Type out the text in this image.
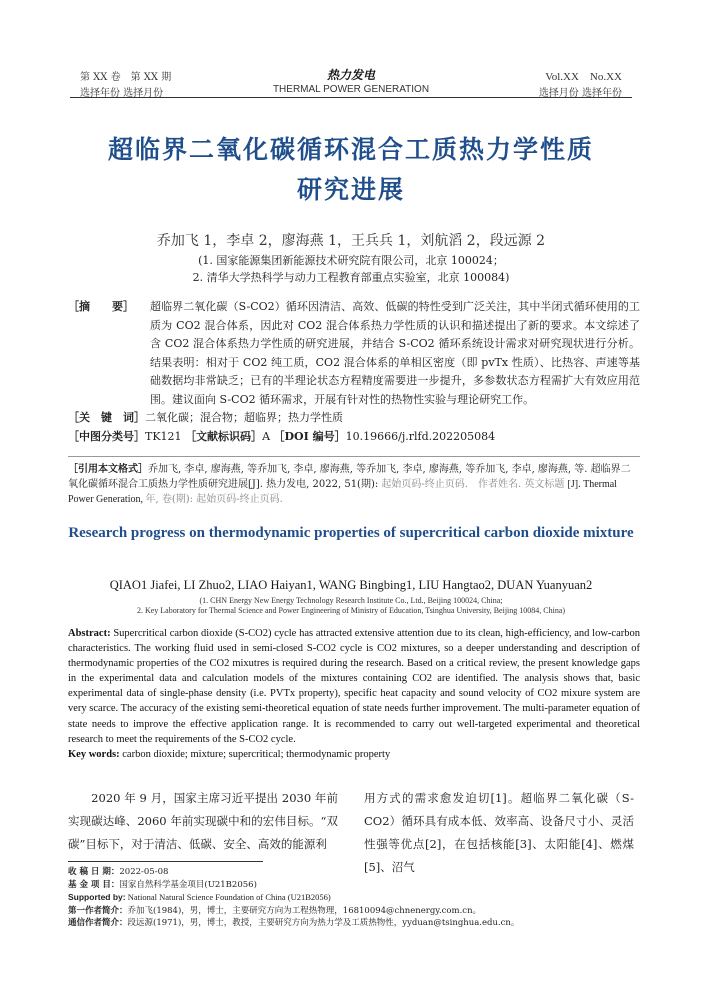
第 XX 卷　第 XX 期
选择年份 选择月份
热力发电
THERMAL POWER GENERATION
Vol.XX　No.XX
选择月份 选择年份
超临界二氧化碳循环混合工质热力学性质
研究进展
乔加飞 1，李卓 2，廖海燕 1，王兵兵 1，刘航滔 2，段远源 2
(1. 国家能源集团新能源技术研究院有限公司，北京 100024；
2. 清华大学热科学与动力工程教育部重点实验室，北京 100084)
［摘　　要］	超临界二氧化碳（S-CO2）循环因清洁、高效、低碳的特性受到广泛关注，其中半闭式循环使用的工质为 CO2 混合体系，因此对 CO2 混合体系热力学性质的认识和描述提出了新的要求。本文综述了含 CO2 混合体系热力学性质的研究进展，并结合 S-CO2 循环系统设计需求对研究现状进行分析。结果表明：相对于 CO2 纯工质，CO2 混合体系的单相区密度（即 pvTx 性质）、比热容、声速等基础数据均非常缺乏；已有的半理论状态方程精度需要进一步提升，多参数状态方程需扩大有效应用范围。建议面向 S-CO2 循环需求，开展有针对性的热物性实验与理论研究工作。
［关　键　词］ 二氧化碳；混合物；超临界；热力学性质
［中图分类号］TK121 ［文献标识码］A ［DOI 编号］10.19666/j.rlfd.202205084
［引用本文格式］乔加飞, 李卓, 廖海燕, 等乔加飞, 李卓, 廖海燕, 等乔加飞, 李卓, 廖海燕, 等乔加飞, 李卓, 廖海燕, 等. 超临界二氧化碳循环混合工质热力学性质研究进展[J]. 热力发电, 2022, 51(期): 起始页码-终止页码.　作者姓名. 英文标题 [J]. Thermal Power Generation, 年, 卷(期): 起始页码-终止页码.
Research progress on thermodynamic properties of supercritical carbon dioxide mixture
QIAO1 Jiafei, LI Zhuo2, LIAO Haiyan1, WANG Bingbing1, LIU Hangtao2, DUAN Yuanyuan2
(1. CHN Energy New Energy Technology Research Institute Co., Ltd., Beijing 100024, China;
2. Key Laboratory for Thermal Science and Power Engineering of Ministry of Education, Tsinghua University, Beijing 10084, China)
Abstract: Supercritical carbon dioxide (S-CO2) cycle has attracted extensive attention due to its clean, high-efficiency, and low-carbon characteristics. The working fluid used in semi-closed S-CO2 cycle is CO2 mixtures, so a deeper understanding and description of thermodynamic properties of the CO2 mixutres is required during the research. Based on a critical review, the present knowledge gaps in the experimental data and calculation models of the mixtures containing CO2 are identified. The analysis shows that, basic experimental data of single-phase density (i.e. PVTx property), specific heat capacity and sound velocity of CO2 mixure system are very scarce. The accuracy of the existing semi-theoretical equation of state needs further improvement. The multi-parameter equation of state needs to improve the effective application range. It is recommended to carry out well-targeted experimental and theoretical research to meet the requirements of the S-CO2 cycle.
Key words: carbon dioxide; mixture; supercritical; thermodynamic property
　　2020 年 9 月，国家主席习近平提出 2030 年前实现碳达峰、2060 年前实现碳中和的宏伟目标。“双碳”目标下，对于清洁、低碳、安全、高效的能源利
用方式的需求愈发迫切[1]。超临界二氧化碳（S-CO2）循环具有成本低、效率高、设备尺寸小、灵活性强等优点[2]，在包括核能[3]、太阳能[4]、燃煤[5]、沼气
收 稿 日 期：2022-05-08
基 金 项 目：国家自然科学基金项目(U21B2056)
Supported by: National Natural Science Foundation of China (U21B2056)
第一作者简介：乔加飞(1984)，男，博士，主要研究方向为工程热物理，16810094@chnenergy.com.cn。
通信作者简介：段远源(1971)，男，博士，教授，主要研究方向为热力学及工质热物性，yyduan@tsinghua.edu.cn。
